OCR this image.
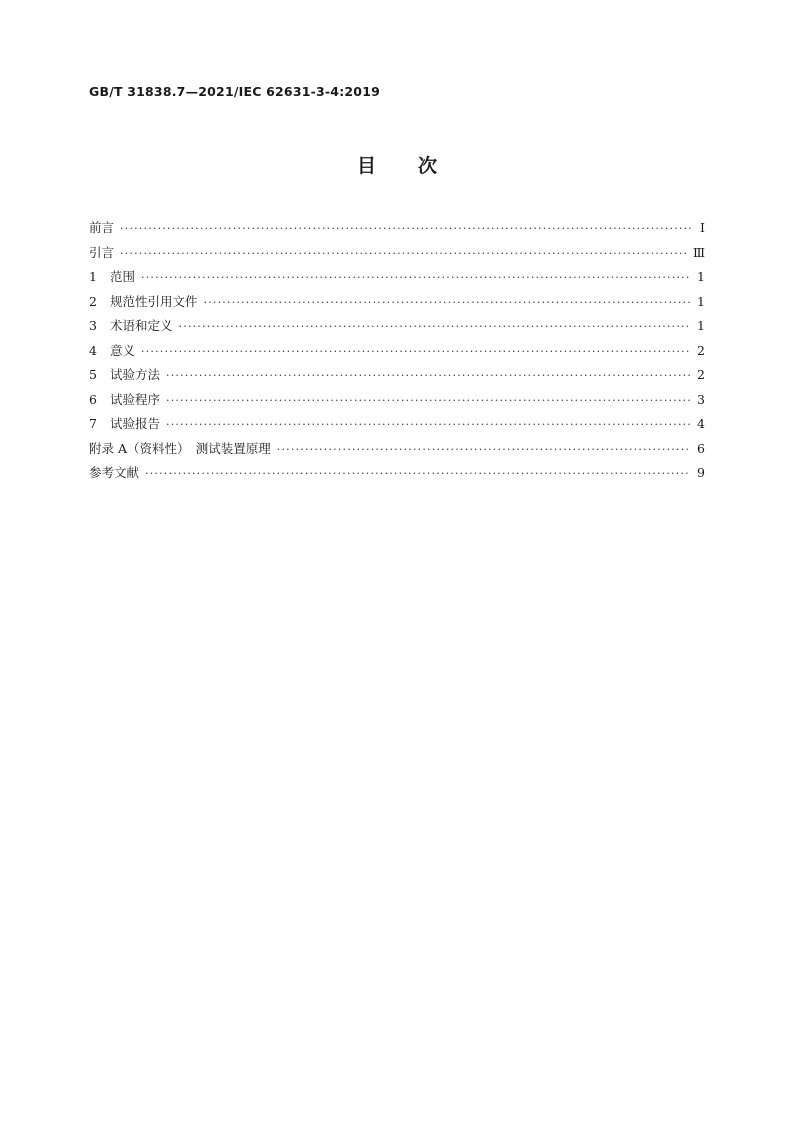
GB/T 31838.7—2021/IEC 62631-3-4:2019
目次
前言 ·····	Ⅰ
引言 ·····	Ⅲ
1	范围 ·····	1
2	规范性引用文件 ·····	1
3	术语和定义 ·····	1
4	意义 ·····	2
5	试验方法 ·····	2
6	试验程序 ·····	3
7	试验报告 ·····	4
附录 A（资料性）　测试装置原理 ·····	6
参考文献 ·····	9
